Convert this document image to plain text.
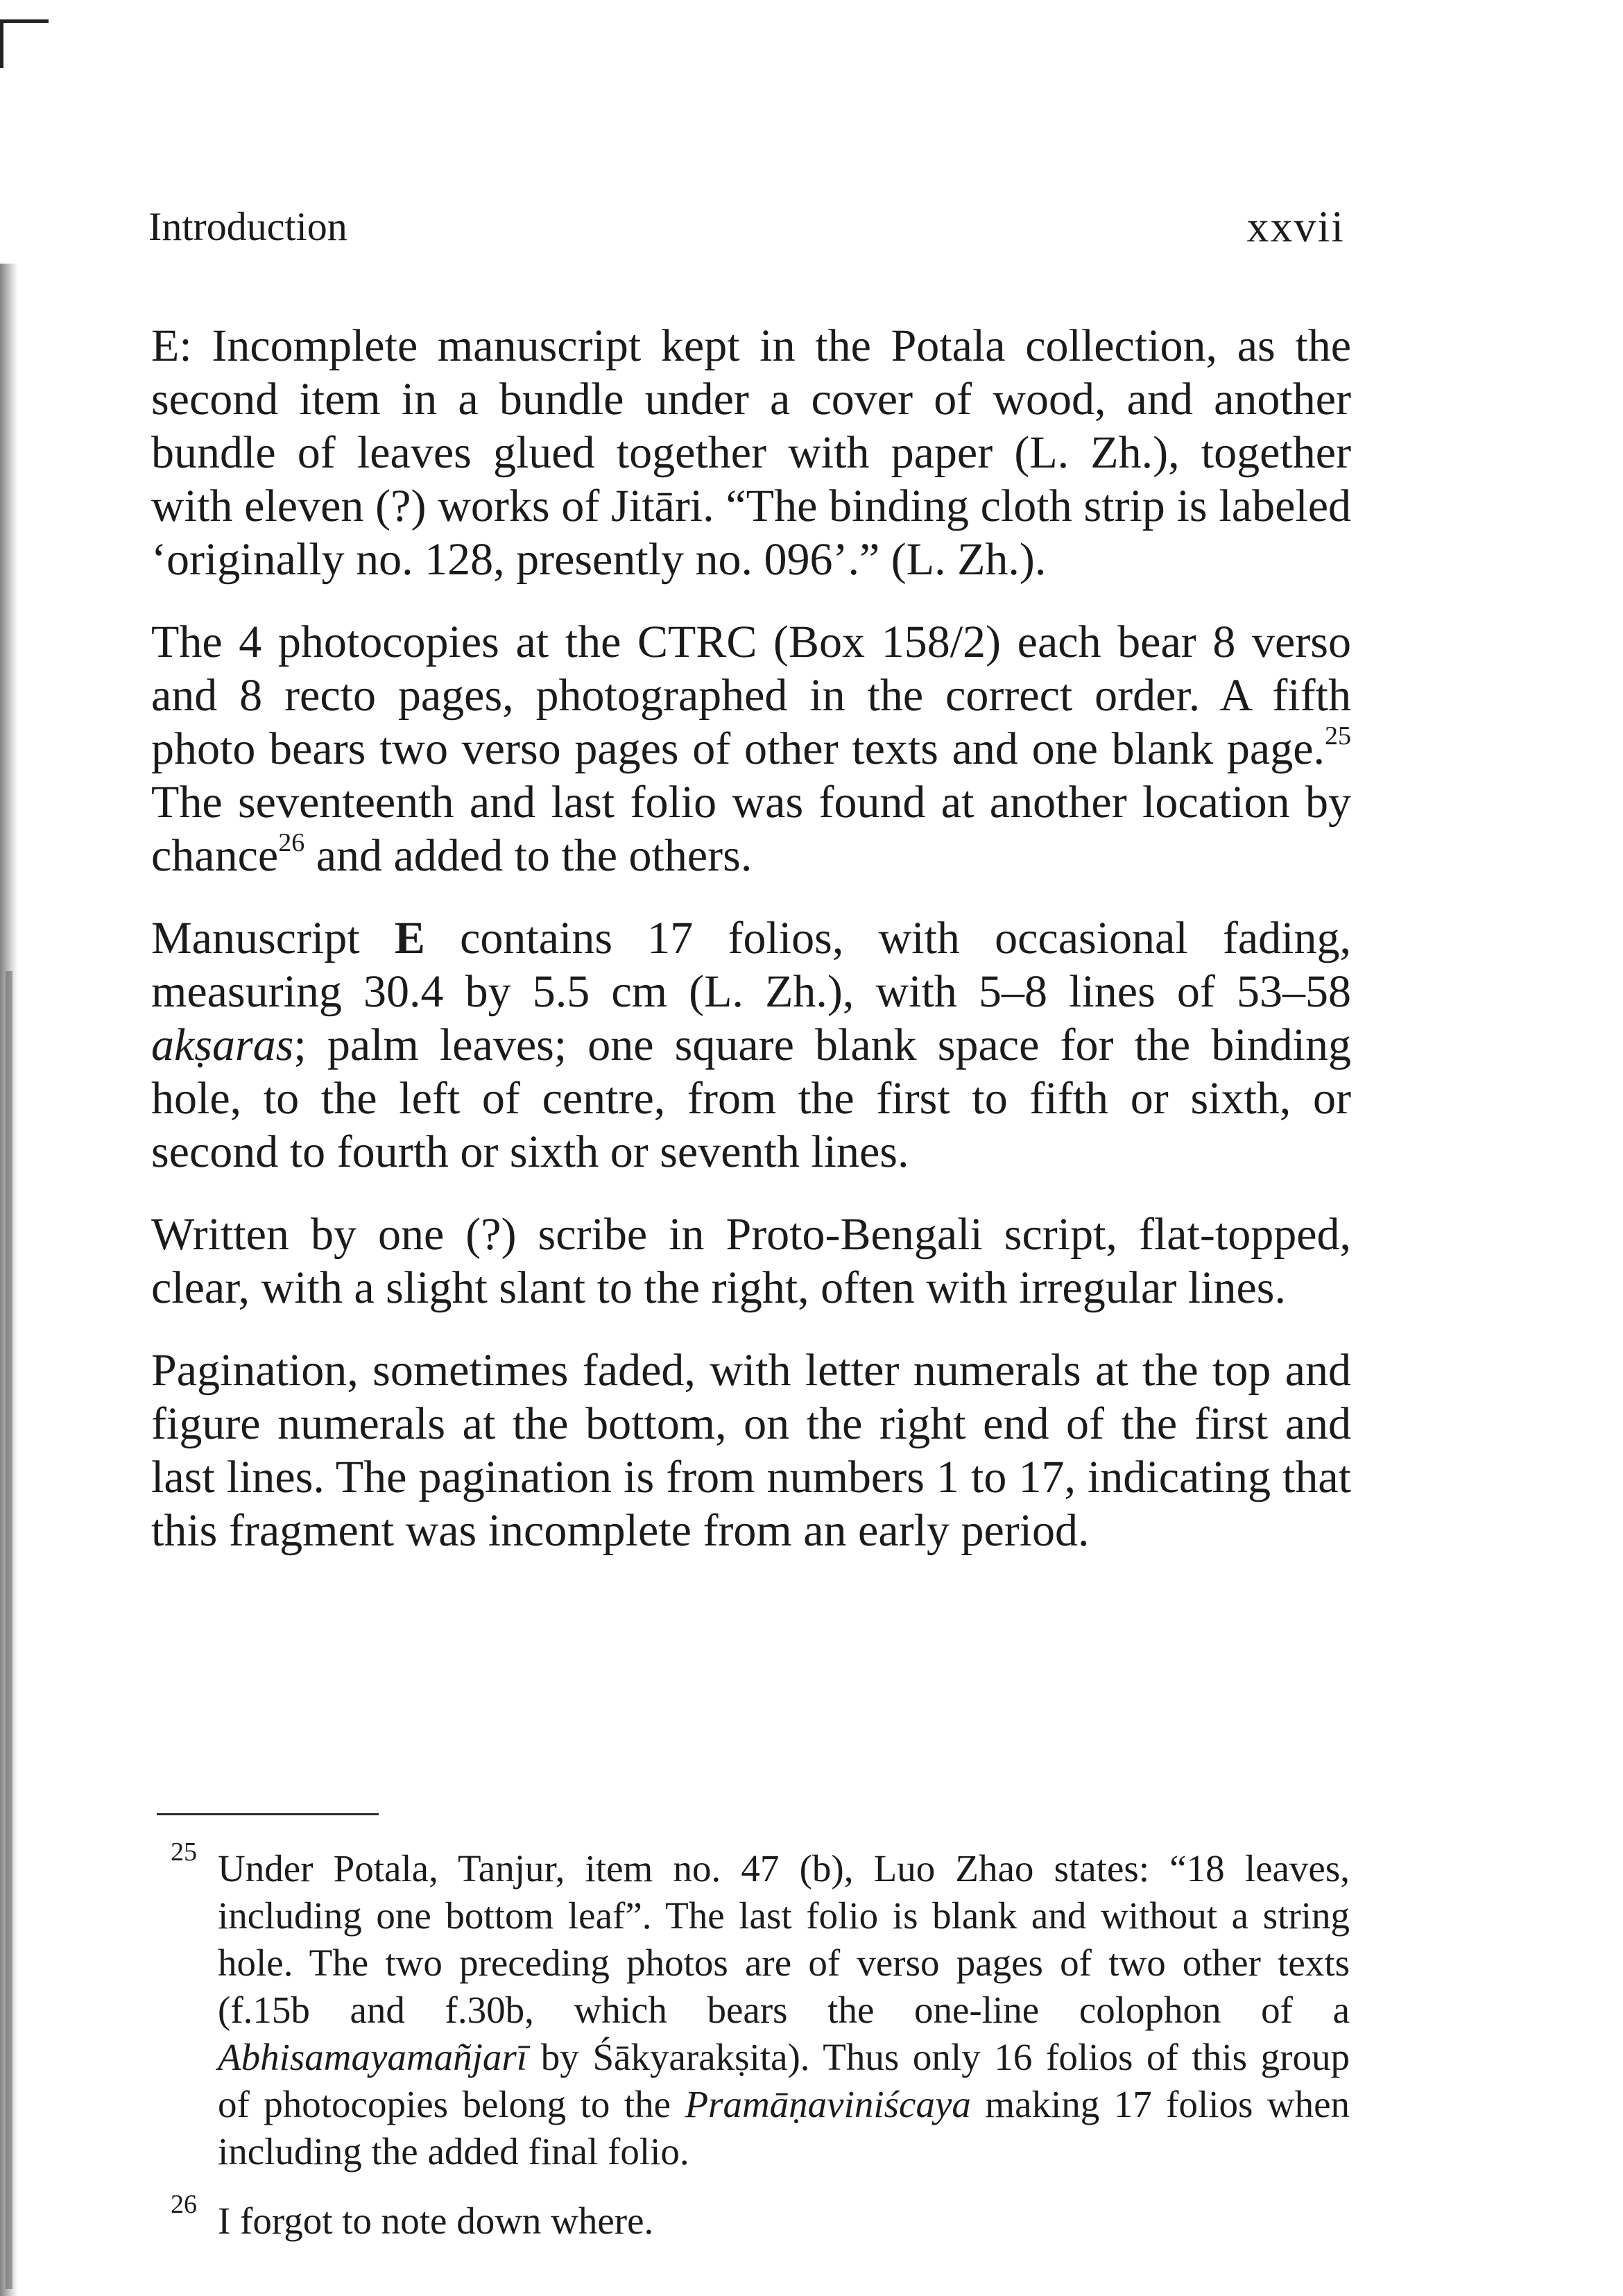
Introduction	xxvii

E: Incomplete manuscript kept in the Potala collection, as the second item in a bundle under a cover of wood, and another bundle of leaves glued together with paper (L. Zh.), together with eleven (?) works of Jitāri. “The binding cloth strip is labeled ‘originally no. 128, presently no. 096’.” (L. Zh.).

The 4 photocopies at the CTRC (Box 158/2) each bear 8 verso and 8 recto pages, photographed in the correct order. A fifth photo bears two verso pages of other texts and one blank page.$^{25}$ The seventeenth and last folio was found at another location by chance$^{26}$ and added to the others.

Manuscript E contains 17 folios, with occasional fading, measuring 30.4 by 5.5 cm (L. Zh.), with 5–8 lines of 53–58 akṣaras; palm leaves; one square blank space for the binding hole, to the left of centre, from the first to fifth or sixth, or second to fourth or sixth or seventh lines.

Written by one (?) scribe in Proto-Bengali script, flat-topped, clear, with a slight slant to the right, often with irregular lines.

Pagination, sometimes faded, with letter numerals at the top and figure numerals at the bottom, on the right end of the first and last lines. The pagination is from numbers 1 to 17, indicating that this fragment was incomplete from an early period.

25 Under Potala, Tanjur, item no. 47 (b), Luo Zhao states: “18 leaves, including one bottom leaf”. The last folio is blank and without a string hole. The two preceding photos are of verso pages of two other texts (f.15b and f.30b, which bears the one-line colophon of a Abhisamayamañjarī by Śākyarakṣita). Thus only 16 folios of this group of photocopies belong to the Pramāṇaviniścaya making 17 folios when including the added final folio.
26 I forgot to note down where.
